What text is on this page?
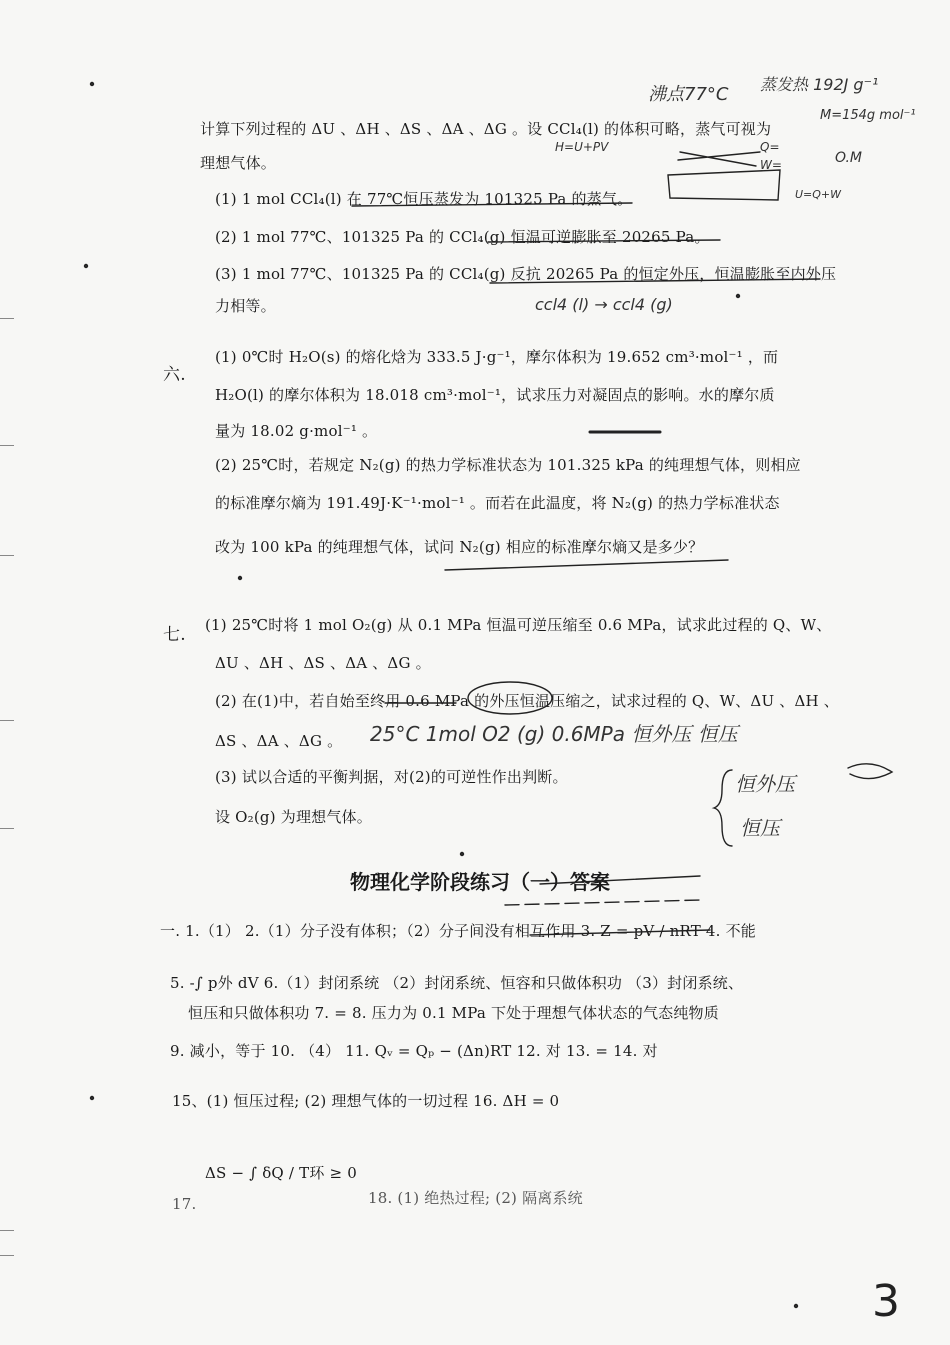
沸点77°C 蒸发热 192J g⁻¹
M=154g mol⁻¹
H=U+PV	Q=
W=
U=Q+W
O.M
计算下列过程的 ΔU 、ΔH 、ΔS 、ΔA 、ΔG 。设 CCl₄(l) 的体积可略，蒸气可视为
理想气体。
(1) 1 mol CCl₄(l) 在 77℃恒压蒸发为 101325 Pa 的蒸气。
(2) 1 mol 77℃、101325 Pa 的 CCl₄(g) 恒温可逆膨胀至 20265 Pa。
(3) 1 mol 77℃、101325 Pa 的 CCl₄(g) 反抗 20265 Pa 的恒定外压，恒温膨胀至内外压
力相等。	ccl4 (l) → ccl4 (g)
六.
(1) 0℃时 H₂O(s) 的熔化焓为 333.5 J·g⁻¹，摩尔体积为 19.652 cm³·mol⁻¹ ，而
H₂O(l) 的摩尔体积为 18.018 cm³·mol⁻¹，试求压力对凝固点的影响。水的摩尔质
量为 18.02 g·mol⁻¹ 。
(2) 25℃时，若规定 N₂(g) 的热力学标准状态为 101.325 kPa 的纯理想气体，则相应
的标准摩尔熵为 191.49J·K⁻¹·mol⁻¹ 。而若在此温度，将 N₂(g) 的热力学标准状态
改为 100 kPa 的纯理想气体，试问 N₂(g) 相应的标准摩尔熵又是多少？
七. (1) 25℃时将 1 mol O₂(g) 从 0.1 MPa 恒温可逆压缩至 0.6 MPa，试求此过程的 Q、W、
ΔU 、ΔH 、ΔS 、ΔA 、ΔG 。
(2) 在(1)中，若自始至终用 0.6 MPa 的外压恒温压缩之，试求过程的 Q、W、ΔU 、ΔH 、
ΔS 、ΔA 、ΔG 。 25°C 1mol O2 (g) 0.6MPa 恒外压 恒压
(3) 试以合适的平衡判据，对(2)的可逆性作出判断。
设 O₂(g) 为理想气体。
恒外压
恒压
物理化学阶段练习（一）答案
一. 1.（1） 2.（1）分子没有体积；（2）分子间没有相互作用 3. Z = pV / nRT 4. 不能
5. -∫ p外 dV 6.（1）封闭系统 （2）封闭系统、恒容和只做体积功 （3）封闭系统、
恒压和只做体积功 7. = 8. 压力为 0.1 MPa 下处于理想气体状态的气态纯物质
9. 减小，等于 10. （4） 11. Qᵥ = Qₚ − (Δn)RT 12. 对 13. = 14. 对
15、(1) 恒压过程; (2) 理想气体的一切过程 16. ΔH = 0
ΔS − ∫ δQ / T环 ≥ 0
17.	18. (1) 绝热过程; (2) 隔离系统
3
